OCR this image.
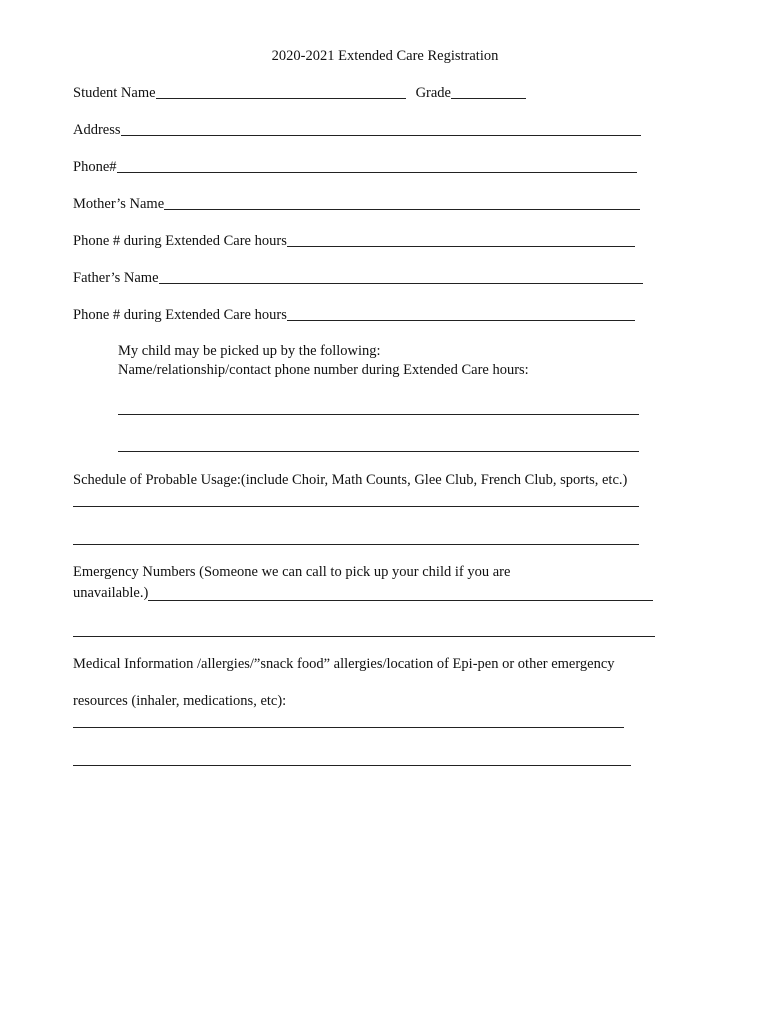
2020-2021 Extended Care Registration
Student Name	Grade
Address
Phone#
Mother’s Name
Phone # during Extended Care hours
Father’s Name
Phone # during Extended Care hours
My child may be picked up by the following:
Name/relationship/contact phone number during Extended Care hours:
Schedule of Probable Usage:(include Choir, Math Counts, Glee Club, French Club, sports, etc.)
Emergency Numbers (Someone we can call to pick up your child if you are
unavailable.)
Medical Information /allergies/”snack food” allergies/location of Epi-pen or other emergency
resources (inhaler, medications, etc):
